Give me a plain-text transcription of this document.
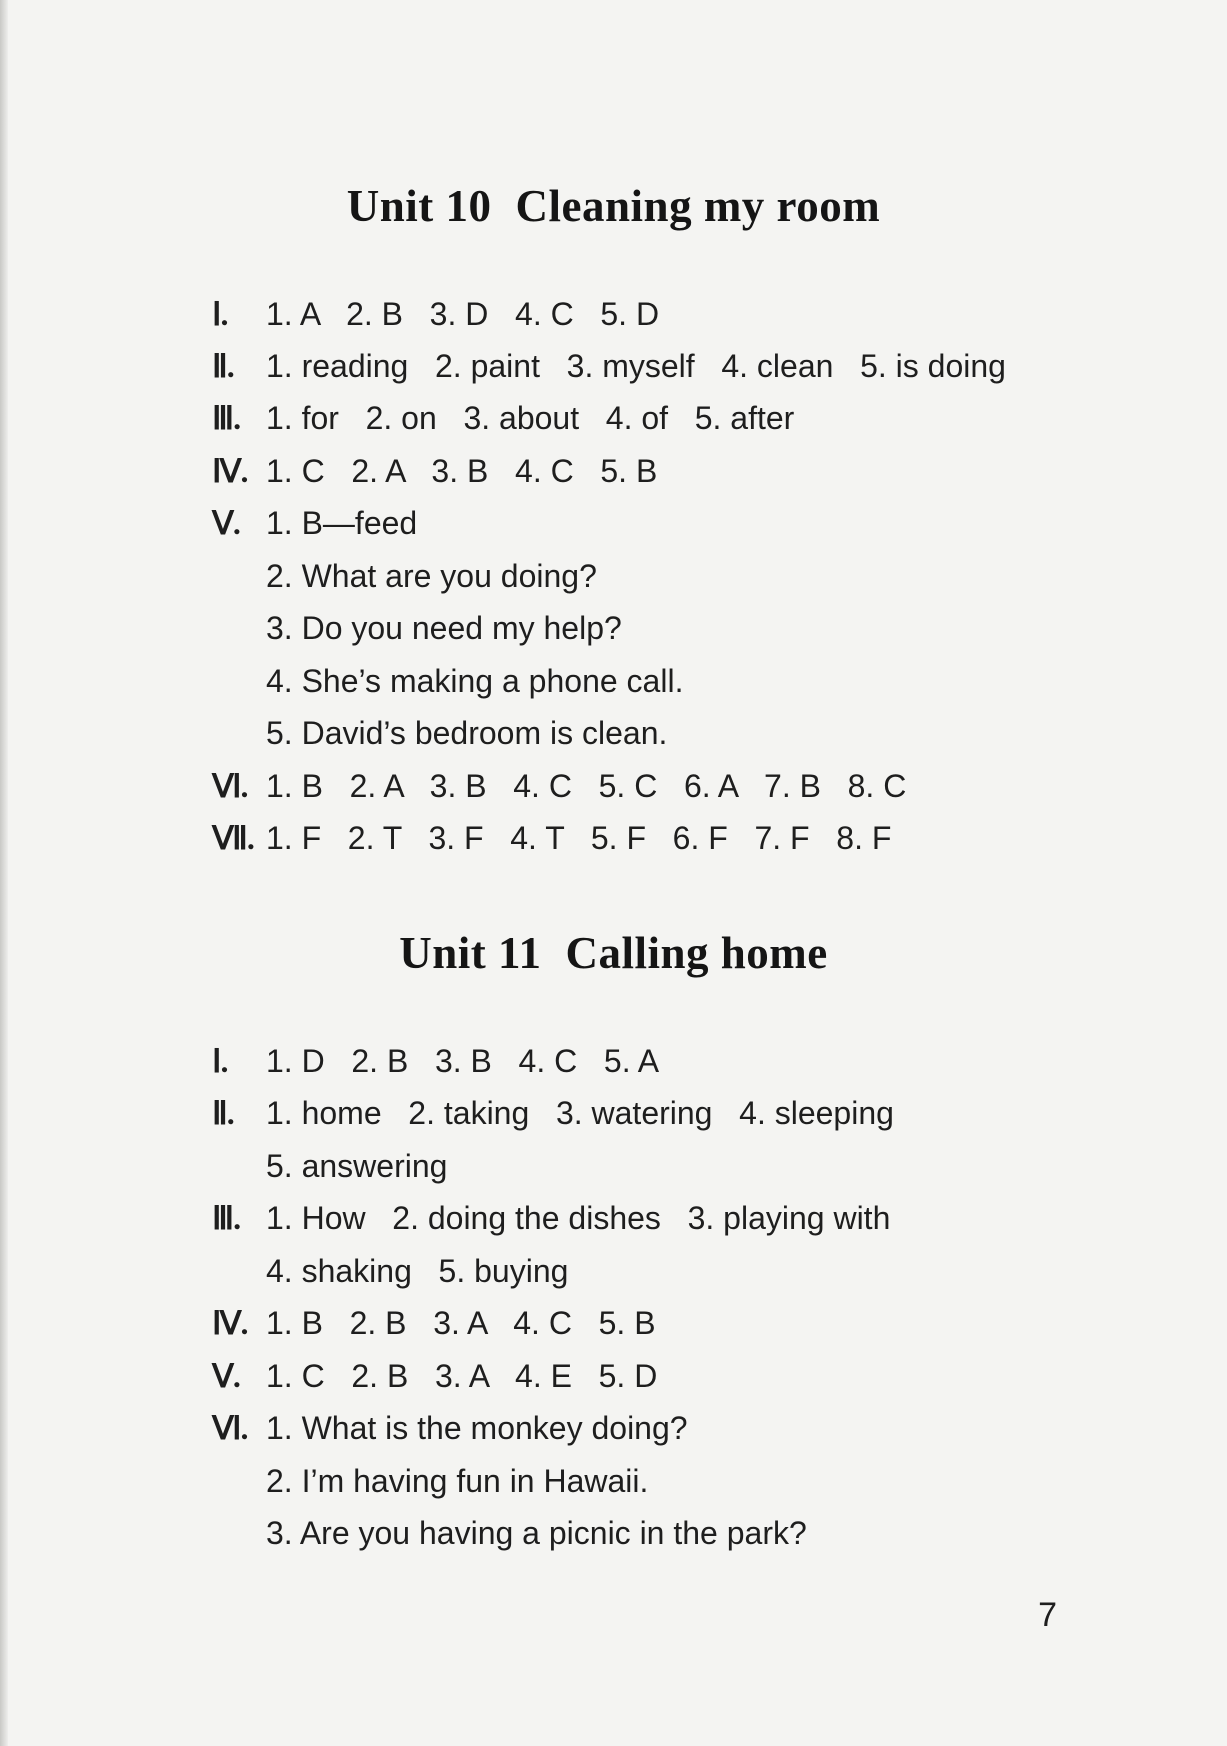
Unit 10 Cleaning my room
Ⅰ. 1. A   2. B   3. D   4. C   5. D
Ⅱ. 1. reading   2. paint   3. myself   4. clean   5. is doing
Ⅲ. 1. for   2. on   3. about   4. of   5. after
Ⅳ. 1. C   2. A   3. B   4. C   5. B
Ⅴ. 1. B—feed
2. What are you doing?
3. Do you need my help?
4. She’s making a phone call.
5. David’s bedroom is clean.
Ⅵ. 1. B   2. A   3. B   4. C   5. C   6. A   7. B   8. C
Ⅶ. 1. F   2. T   3. F   4. T   5. F   6. F   7. F   8. F
Unit 11 Calling home
Ⅰ. 1. D   2. B   3. B   4. C   5. A
Ⅱ. 1. home   2. taking   3. watering   4. sleeping
5. answering
Ⅲ. 1. How   2. doing the dishes   3. playing with
4. shaking   5. buying
Ⅳ. 1. B   2. B   3. A   4. C   5. B
Ⅴ. 1. C   2. B   3. A   4. E   5. D
Ⅵ. 1. What is the monkey doing?
2. I’m having fun in Hawaii.
3. Are you having a picnic in the park?
7
